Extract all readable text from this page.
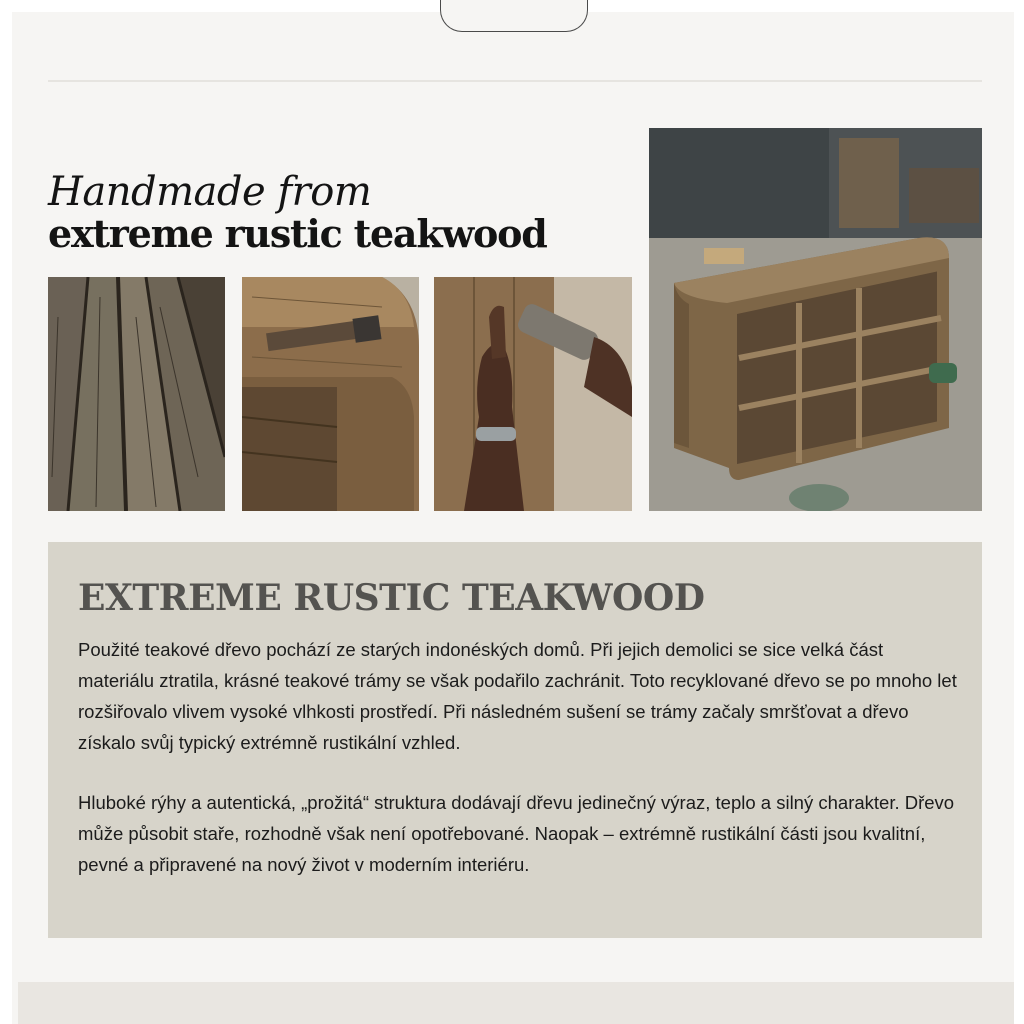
Handmade from
extreme rustic teakwood
EXTREME RUSTIC TEAKWOOD

Použité teakové dřevo pochází ze starých indonéských domů. Při jejich demolici se sice velká část materiálu ztratila, krásné teakové trámy se však podařilo zachránit. Toto recyklované dřevo se po mnoho let rozšiřovalo vlivem vysoké vlhkosti prostředí. Při následném sušení se trámy začaly smršťovat a dřevo získalo svůj typický extrémně rustikální vzhled.

Hluboké rýhy a autentická, „prožitá“ struktura dodávají dřevu jedinečný výraz, teplo a silný charakter. Dřevo může působit staře, rozhodně však není opotřebované. Naopak – extrémně rustikální části jsou kvalitní, pevné a připravené na nový život v moderním interiéru.
